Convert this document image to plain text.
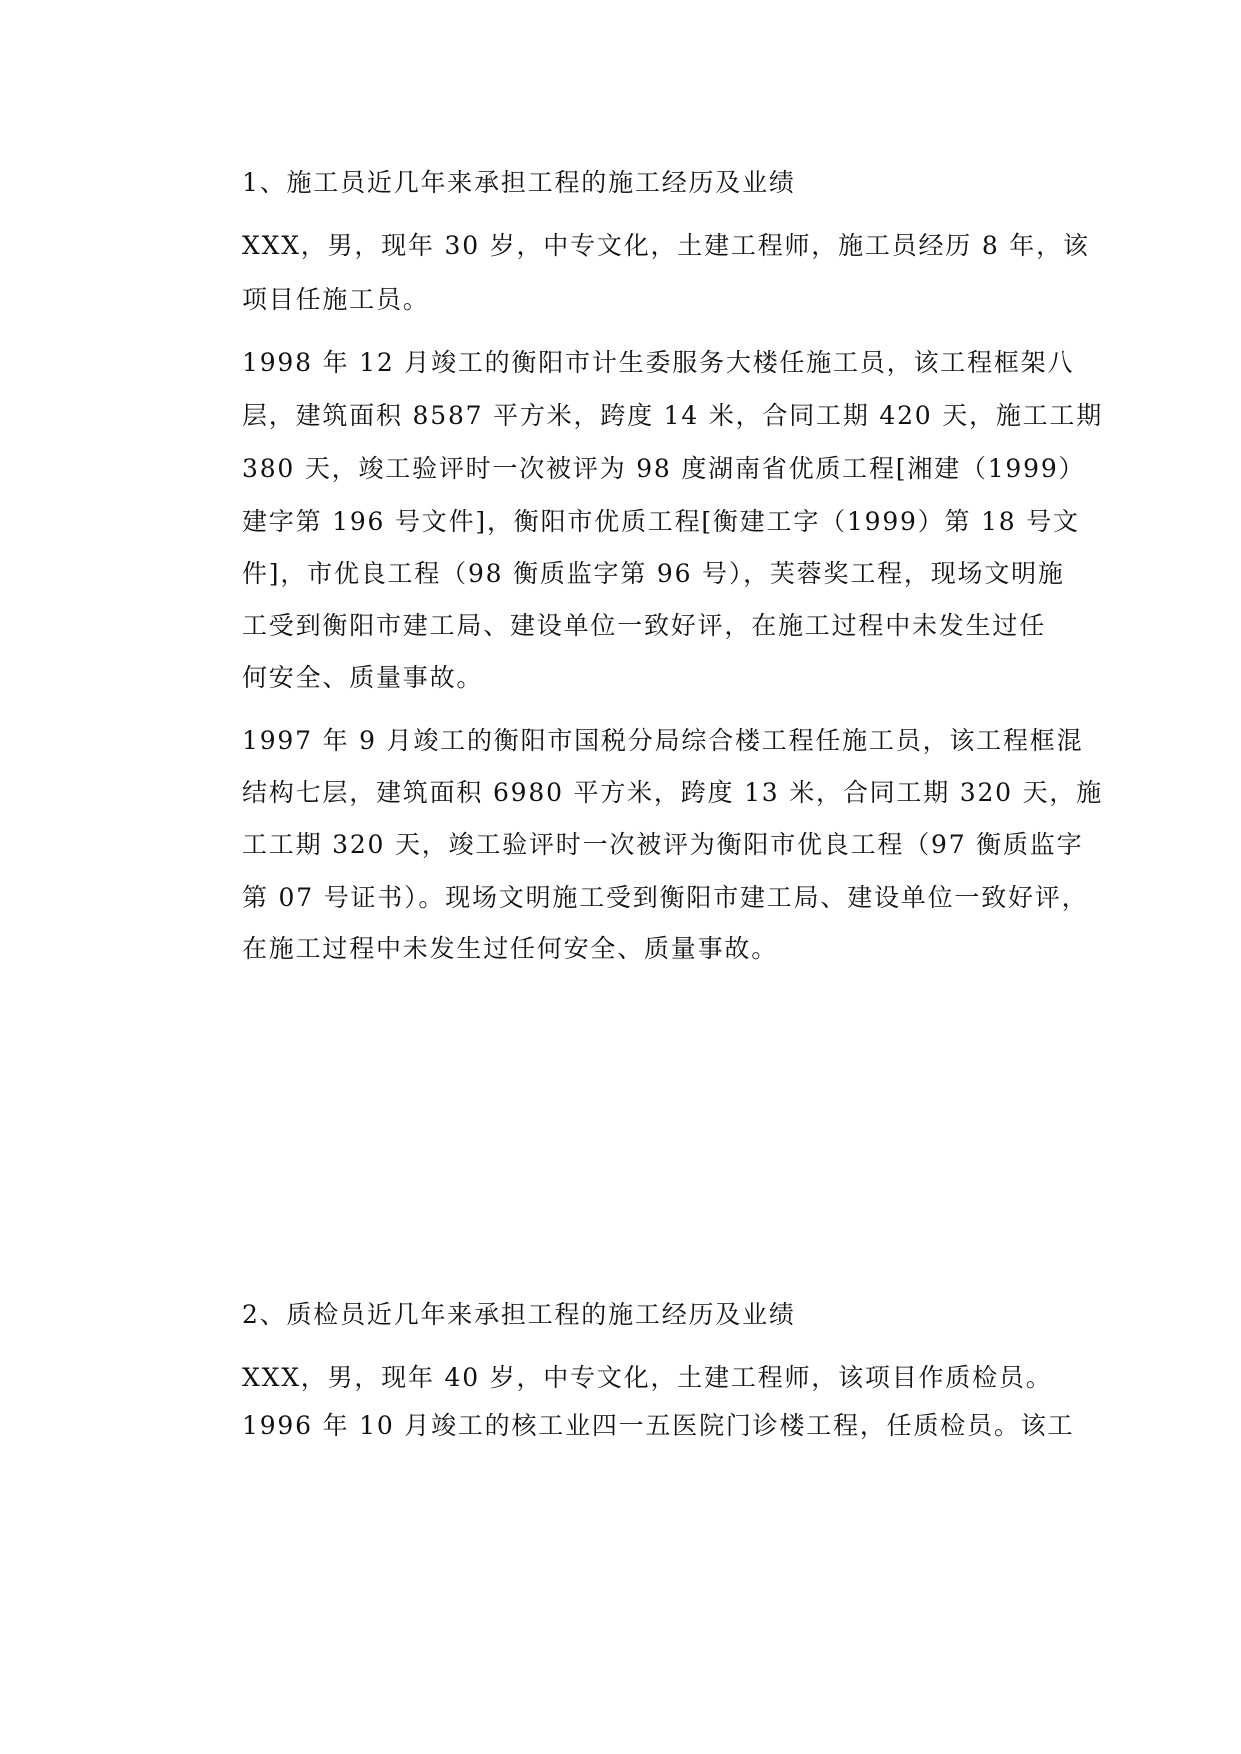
1、施工员近几年来承担工程的施工经历及业绩
XXX，男，现年 30 岁，中专文化，土建工程师，施工员经历 8 年，该
项目任施工员。
1998 年 12 月竣工的衡阳市计生委服务大楼任施工员，该工程框架八
层，建筑面积 8587 平方米，跨度 14 米，合同工期 420 天，施工工期
380 天，竣工验评时一次被评为 98 度湖南省优质工程[湘建（1999）
建字第 196 号文件]，衡阳市优质工程[衡建工字（1999）第 18 号文
件]，市优良工程（98 衡质监字第 96 号），芙蓉奖工程，现场文明施
工受到衡阳市建工局、建设单位一致好评，在施工过程中未发生过任
何安全、质量事故。
1997 年 9 月竣工的衡阳市国税分局综合楼工程任施工员，该工程框混
结构七层，建筑面积 6980 平方米，跨度 13 米，合同工期 320 天，施
工工期 320 天，竣工验评时一次被评为衡阳市优良工程（97 衡质监字
第 07 号证书）。现场文明施工受到衡阳市建工局、建设单位一致好评，
在施工过程中未发生过任何安全、质量事故。
2、质检员近几年来承担工程的施工经历及业绩
XXX，男，现年 40 岁，中专文化，土建工程师，该项目作质检员。
1996 年 10 月竣工的核工业四一五医院门诊楼工程，任质检员。该工
